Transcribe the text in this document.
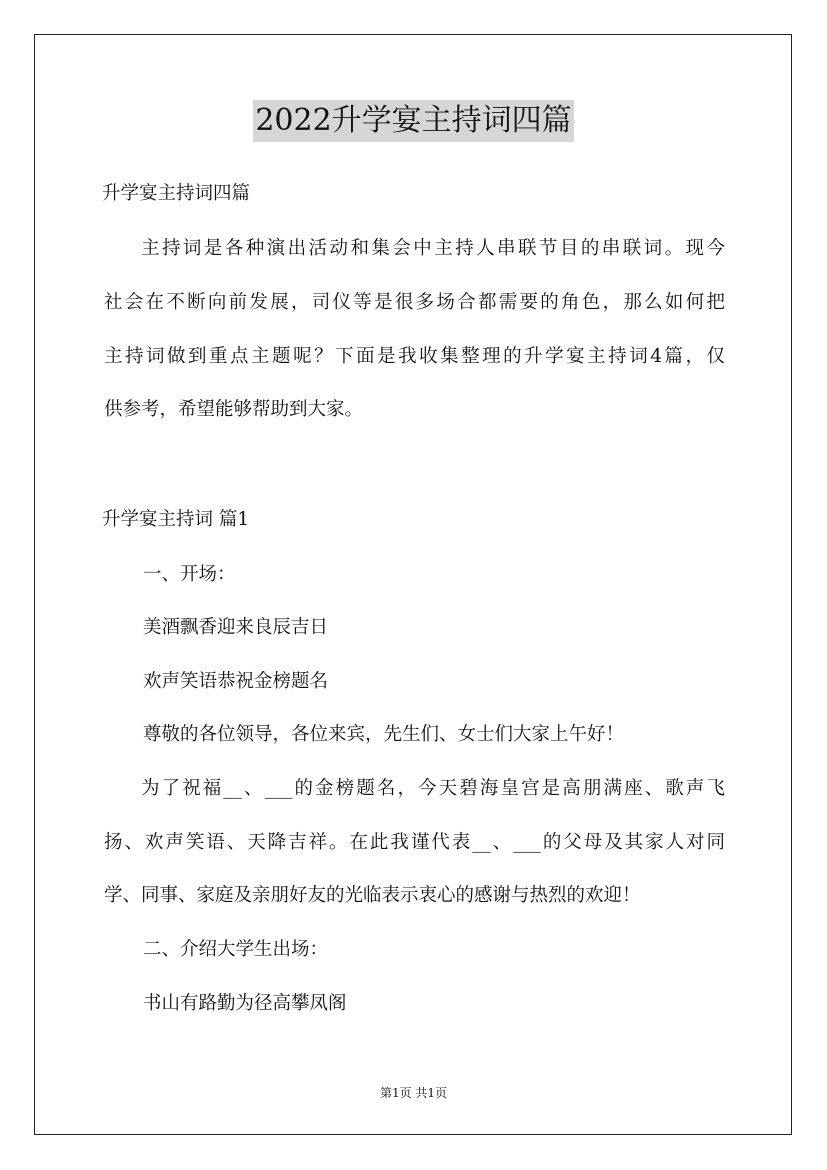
2022升学宴主持词四篇
升学宴主持词四篇
主持词是各种演出活动和集会中主持人串联节目的串联词。现今
社会在不断向前发展，司仪等是很多场合都需要的角色，那么如何把
主持词做到重点主题呢？下面是我收集整理的升学宴主持词4篇，仅
供参考，希望能够帮助到大家。
升学宴主持词 篇1
一、开场：
美酒飘香迎来良辰吉日
欢声笑语恭祝金榜题名
尊敬的各位领导，各位来宾，先生们、女士们大家上午好！
为了祝福__、___的金榜题名，今天碧海皇宫是高朋满座、歌声飞
扬、欢声笑语、天降吉祥。在此我谨代表__、___的父母及其家人对同
学、同事、家庭及亲朋好友的光临表示衷心的感谢与热烈的欢迎！
二、介绍大学生出场：
书山有路勤为径高攀凤阁
第1页 共1页
